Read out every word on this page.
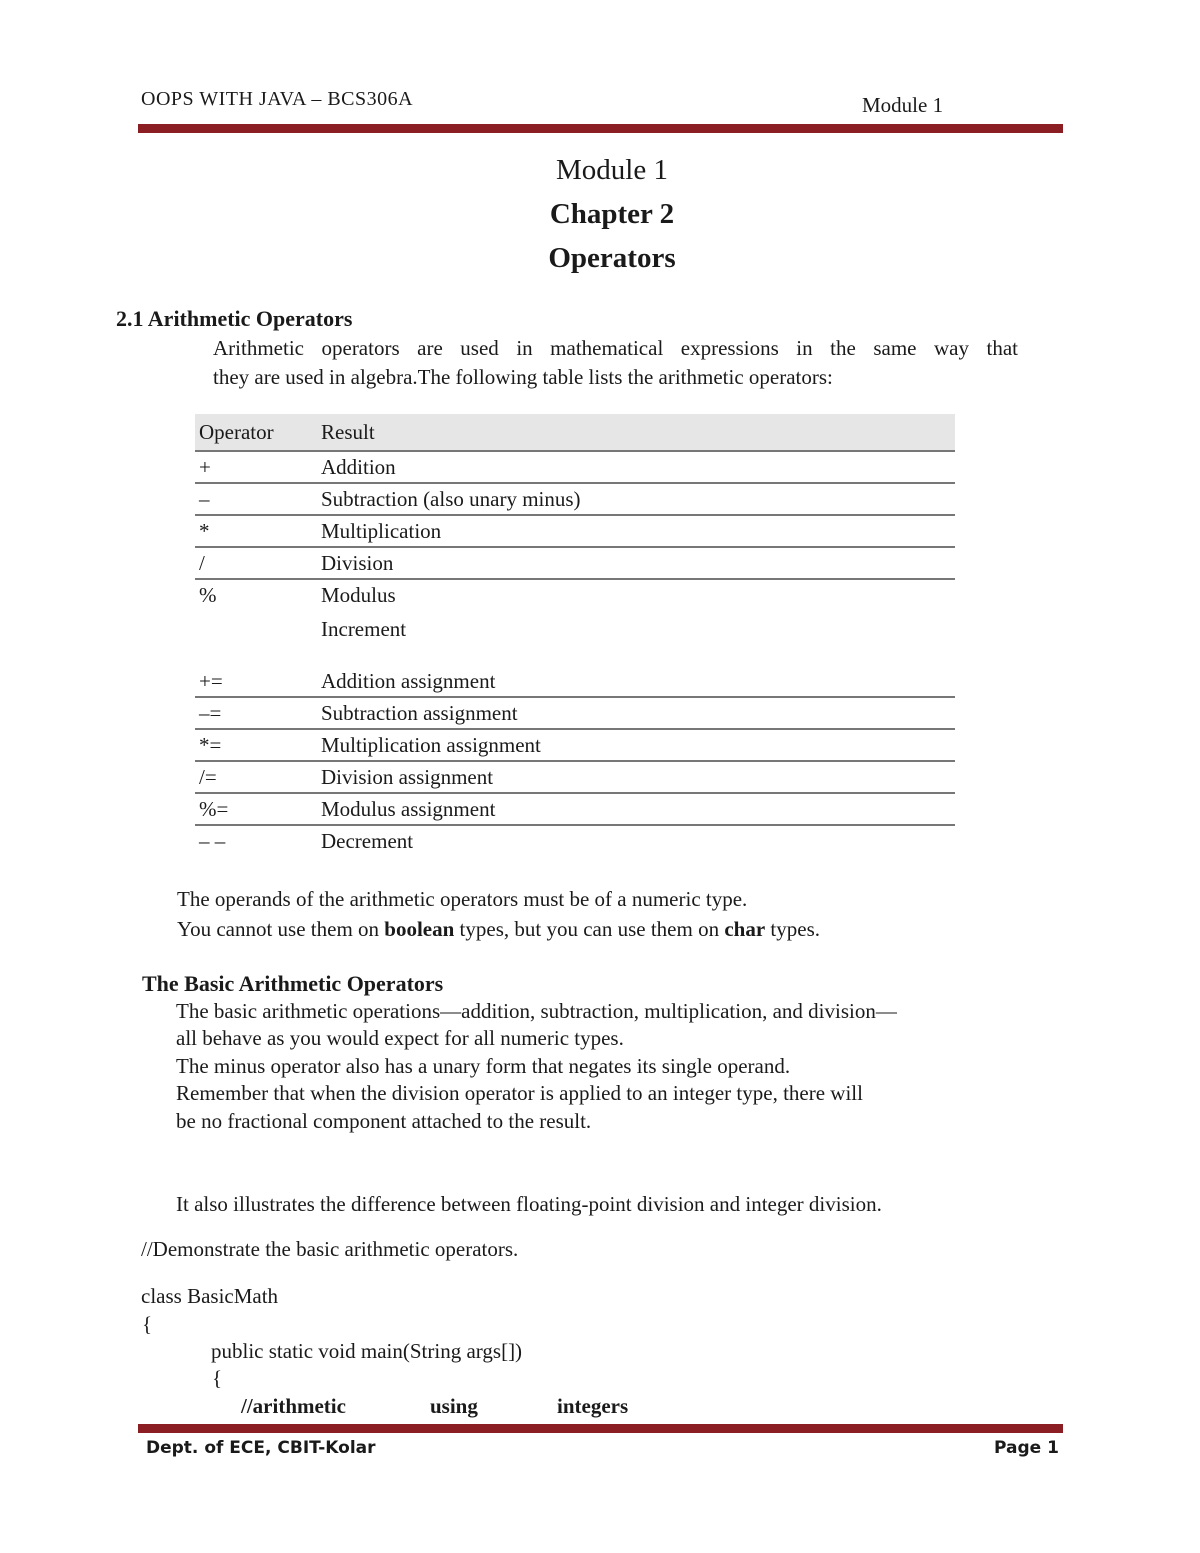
OOPS WITH JAVA – BCS306A	Module 1
Module 1
Chapter 2
Operators
2.1 Arithmetic Operators
Arithmetic operators are used in mathematical expressions in the same way that
they are used in algebra.The following table lists the arithmetic operators:
Operator	Result
+	Addition
–	Subtraction (also unary minus)
*	Multiplication
/	Division
%	Modulus
	Increment

+=	Addition assignment
–=	Subtraction assignment
*=	Multiplication assignment
/=	Division assignment
%=	Modulus assignment
– –	Decrement
The operands of the arithmetic operators must be of a numeric type.
You cannot use them on boolean types, but you can use them on char types.
The Basic Arithmetic Operators
The basic arithmetic operations—addition, subtraction, multiplication, and division—
all behave as you would expect for all numeric types.
The minus operator also has a unary form that negates its single operand.
Remember that when the division operator is applied to an integer type, there will
be no fractional component attached to the result.
It also illustrates the difference between floating-point division and integer division.
//Demonstrate the basic arithmetic operators.
class BasicMath
{
public static void main(String args[])
{
//arithmetic	using	integers
Dept. of ECE, CBIT-Kolar	Page 1
